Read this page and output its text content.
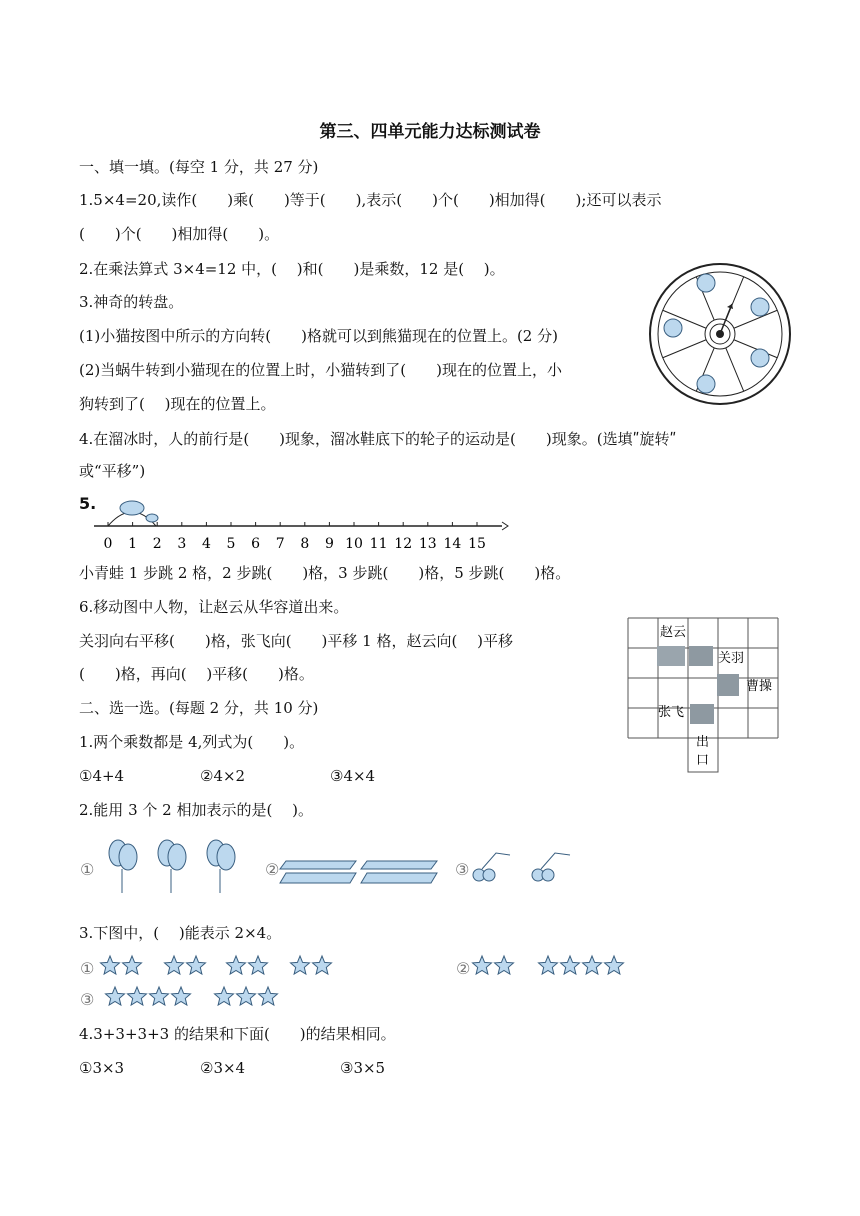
第三、四单元能力达标测试卷
一、填一填。(每空 1 分，共 27 分)
1.5×4=20,读作(　　)乘(　　)等于(　　),表示(　　)个(　　)相加得(　　);还可以表示
(　　)个(　　)相加得(　　)。
2.在乘法算式 3×4=12 中，(　 )和(　　)是乘数，12 是(　 )。
3.神奇的转盘。
(1)小猫按图中所示的方向转(　　)格就可以到熊猫现在的位置上。(2 分)
(2)当蜗牛转到小猫现在的位置上时，小猫转到了(　　)现在的位置上，小
狗转到了(　 )现在的位置上。
4.在溜冰时，人的前行是(　　)现象，溜冰鞋底下的轮子的运动是(　　)现象。(选填ʺ旋转ʺ
或“平移”)
5.
小青蛙 1 步跳 2 格，2 步跳(　　)格，3 步跳(　　)格，5 步跳(　　)格。
6.移动图中人物，让赵云从华容道出来。
关羽向右平移(　　)格，张飞向(　　)平移 1 格，赵云向(　 )平移
(　　)格，再向(　 )平移(　　)格。
二、选一选。(每题 2 分，共 10 分)
1.两个乘数都是 4,列式为(　　)。
①4+4	②4×2	③4×4
2.能用 3 个 2 相加表示的是(　 )。
3.下图中，(　 )能表示 2×4。
4.3+3+3+3 的结果和下面(　　)的结果相同。
①3×3	②3×4	③3×5
0 1 2 3 4 5 6 7 8 9 10 11 12 13 14 15
赵云
关羽
曹操
张飞
出
口
①	②	③
①	②
③
